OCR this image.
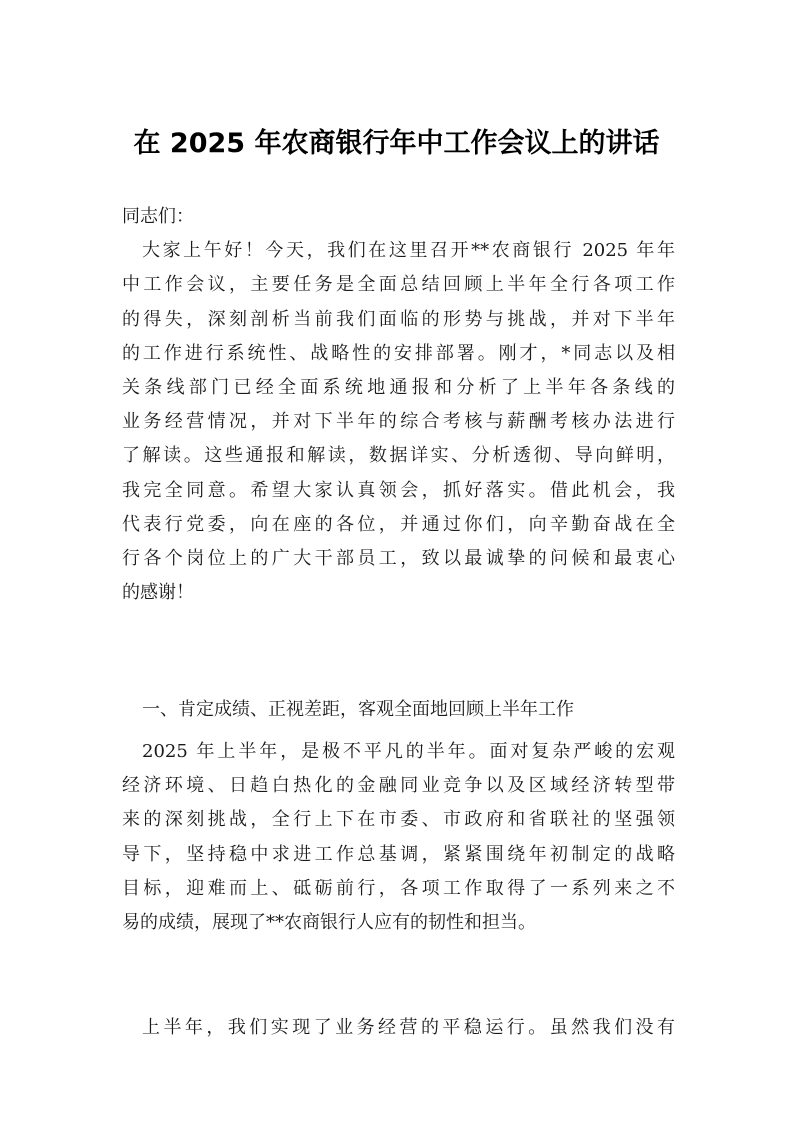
在 2025 年农商银行年中工作会议上的讲话
同志们：
大家上午好！今天，我们在这里召开**农商银行 2025 年年
中工作会议，主要任务是全面总结回顾上半年全行各项工作
的得失，深刻剖析当前我们面临的形势与挑战，并对下半年
的工作进行系统性、战略性的安排部署。刚才，*同志以及相
关条线部门已经全面系统地通报和分析了上半年各条线的
业务经营情况，并对下半年的综合考核与薪酬考核办法进行
了解读。这些通报和解读，数据详实、分析透彻、导向鲜明，
我完全同意。希望大家认真领会，抓好落实。借此机会，我
代表行党委，向在座的各位，并通过你们，向辛勤奋战在全
行各个岗位上的广大干部员工，致以最诚挚的问候和最衷心
的感谢！
一、肯定成绩、正视差距，客观全面地回顾上半年工作
2025 年上半年，是极不平凡的半年。面对复杂严峻的宏观
经济环境、日趋白热化的金融同业竞争以及区域经济转型带
来的深刻挑战，全行上下在市委、市政府和省联社的坚强领
导下，坚持稳中求进工作总基调，紧紧围绕年初制定的战略
目标，迎难而上、砥砺前行，各项工作取得了一系列来之不
易的成绩，展现了**农商银行人应有的韧性和担当。
上半年，我们实现了业务经营的平稳运行。虽然我们没有
